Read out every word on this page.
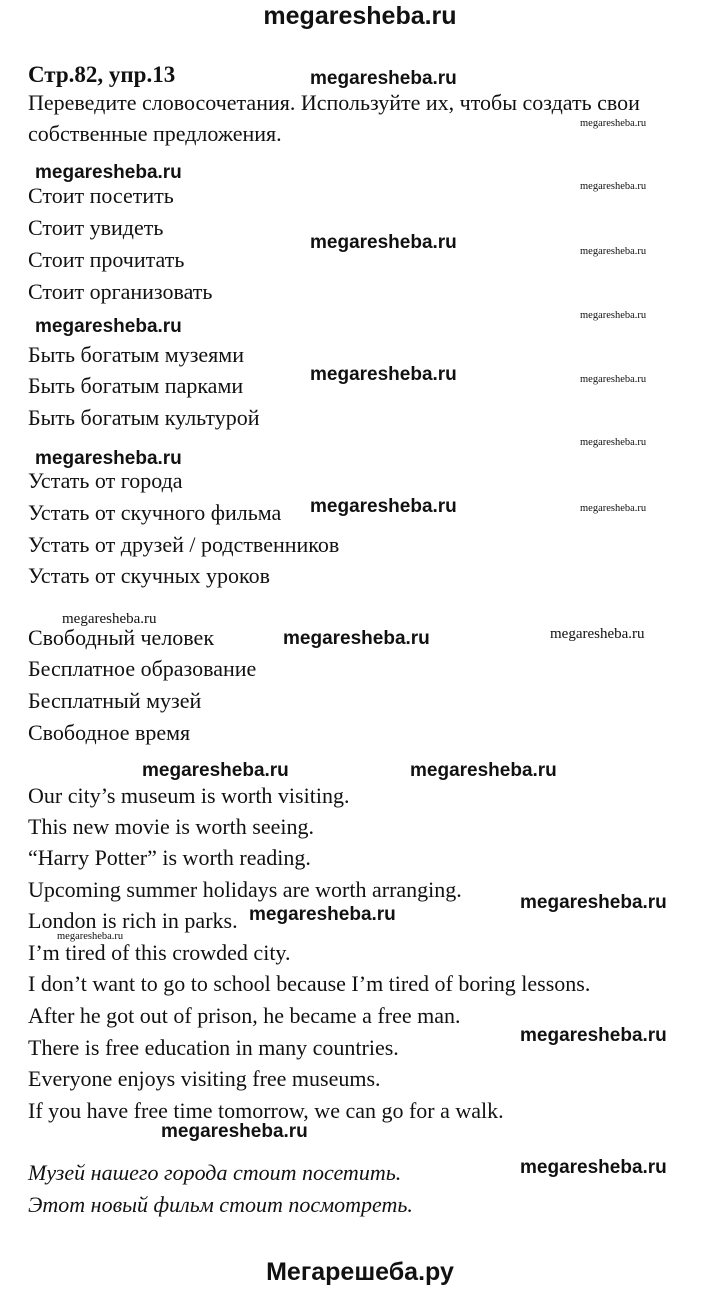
megaresheba.ru
Стр.82, упр.13
Переведите словосочетания. Используйте их, чтобы создать свои
собственные предложения.
Стоит посетить
Стоит увидеть
Стоит прочитать
Стоит организовать
Быть богатым музеями
Быть богатым парками
Быть богатым культурой
Устать от города
Устать от скучного фильма
Устать от друзей / родственников
Устать от скучных уроков
Свободный человек
Бесплатное образование
Бесплатный музей
Свободное время
Our city’s museum is worth visiting.
This new movie is worth seeing.
“Harry Potter” is worth reading.
Upcoming summer holidays are worth arranging.
London is rich in parks.
I’m tired of this crowded city.
I don’t want to go to school because I’m tired of boring lessons.
After he got out of prison, he became a free man.
There is free education in many countries.
Everyone enjoys visiting free museums.
If you have free time tomorrow, we can go for a walk.
Музей нашего города стоит посетить.
Этот новый фильм стоит посмотреть.
megaresheba.ru
megaresheba.ru
megaresheba.ru
megaresheba.ru
megaresheba.ru	megaresheba.ru
megaresheba.ru
megaresheba.ru
megaresheba.ru	megaresheba.ru
megaresheba.ru
megaresheba.ru
megaresheba.ru	megaresheba.ru
megaresheba.ru
megaresheba.ru	megaresheba.ru
megaresheba.ru	megaresheba.ru
megaresheba.ru
megaresheba.ru
megaresheba.ru
megaresheba.ru
megaresheba.ru
megaresheba.ru
Мегарешеба.ру
